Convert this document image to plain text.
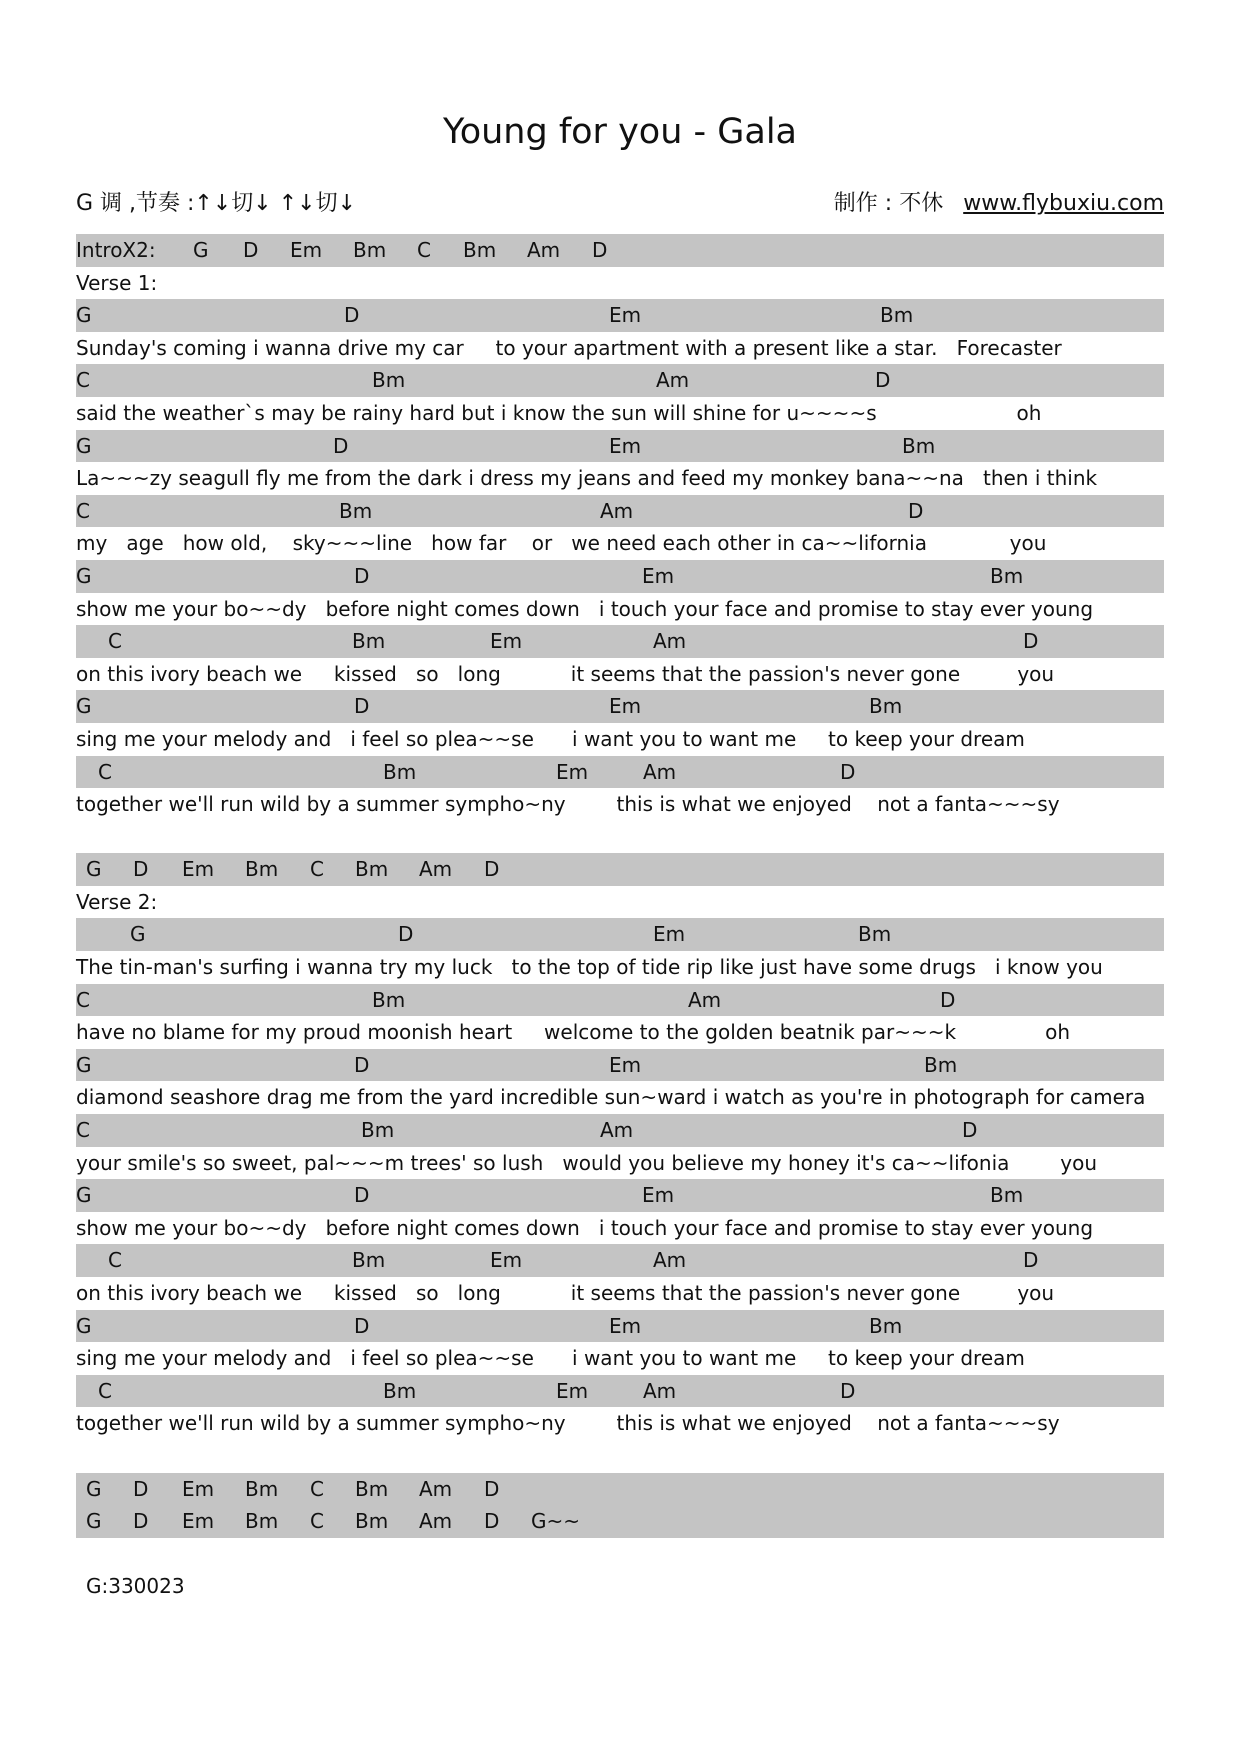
Young for you - Gala
G 调 ,节奏 :↑↓切↓ ↑↓切↓	制作 : 不休 www.flybuxiu.com
IntroX2: G D Em Bm C Bm Am D
Verse 1:
G	D	Em	Bm
Sunday's coming i wanna drive my car     to your apartment with a present like a star.   Forecaster
C	Bm	Am	D
said the weather`s may be rainy hard but i know the sun will shine for u~~~~s                      oh
G	D	Em	Bm
La~~~zy seagull fly me from the dark i dress my jeans and feed my monkey bana~~na   then i think
C	Bm	Am	D
my   age   how old,    sky~~~line   how far    or   we need each other in ca~~lifornia             you
G	D	Em	Bm
show me your bo~~dy   before night comes down   i touch your face and promise to stay ever young
C	Bm	Em	Am	D
on this ivory beach we     kissed   so   long           it seems that the passion's never gone         you
G	D	Em	Bm
sing me your melody and   i feel so plea~~se      i want you to want me     to keep your dream
C	Bm	Em	Am	D
together we'll run wild by a summer sympho~ny        this is what we enjoyed    not a fanta~~~sy
G D Em Bm C Bm Am D
Verse 2:
G	D	Em	Bm
The tin-man's surfing i wanna try my luck   to the top of tide rip like just have some drugs   i know you
C	Bm	Am	D
have no blame for my proud moonish heart     welcome to the golden beatnik par~~~k              oh
G	D	Em	Bm
diamond seashore drag me from the yard incredible sun~ward i watch as you're in photograph for camera
C	Bm	Am	D
your smile's so sweet, pal~~~m trees' so lush   would you believe my honey it's ca~~lifonia        you
G	D	Em	Bm
show me your bo~~dy   before night comes down   i touch your face and promise to stay ever young
C	Bm	Em	Am	D
on this ivory beach we     kissed   so   long           it seems that the passion's never gone         you
G	D	Em	Bm
sing me your melody and   i feel so plea~~se      i want you to want me     to keep your dream
C	Bm	Em	Am	D
together we'll run wild by a summer sympho~ny        this is what we enjoyed    not a fanta~~~sy
G D Em Bm C Bm Am D
G D Em Bm C Bm Am D G~~
G:330023
